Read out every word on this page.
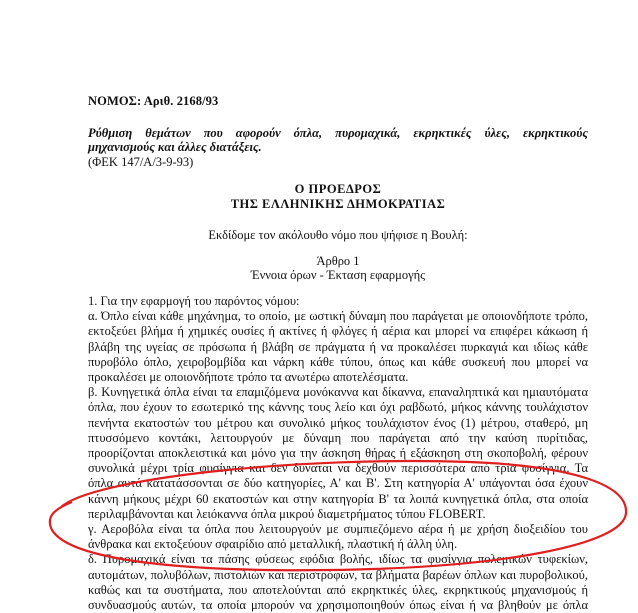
ΝΟΜΟΣ: Αριθ. 2168/93
Ρύθμιση θεμάτων που αφορούν όπλα, πυρομαχικά, εκρηκτικές ύλες, εκρηκτικούς
μηχανισμούς και άλλες διατάξεις.
(ΦΕΚ 147/Α/3-9-93)
Ο ΠΡΟΕΔΡΟΣ
ΤΗΣ ΕΛΛΗΝΙΚΗΣ ΔΗΜΟΚΡΑΤΙΑΣ
Εκδίδομε τον ακόλουθο νόμο που ψήφισε η Βουλή:
Άρθρο 1
Έννοια όρων - Έκταση εφαρμογής
1. Για την εφαρμογή του παρόντος νόμου:
α. Όπλο είναι κάθε μηχάνημα, το οποίο, με ωστική δύναμη που παράγεται με οποιονδήποτε τρόπο,
εκτοξεύει βλήμα ή χημικές ουσίες ή ακτίνες ή φλόγες ή αέρια και μπορεί να επιφέρει κάκωση ή
βλάβη της υγείας σε πρόσωπα ή βλάβη σε πράγματα ή να προκαλέσει πυρκαγιά και ιδίως κάθε
πυροβόλο όπλο, χειροβομβίδα και νάρκη κάθε τύπου, όπως και κάθε συσκευή που μπορεί να
προκαλέσει με οποιονδήποτε τρόπο τα ανωτέρω αποτελέσματα.
β. Κυνηγετικά όπλα είναι τα επαμιζόμενα μονόκαννα και δίκαννα, επαναληπτικά και ημιαυτόματα
όπλα, που έχουν το εσωτερικό της κάννης τους λείο και όχι ραβδωτό, μήκος κάννης τουλάχιστον
πενήντα εκατοστών του μέτρου και συνολικό μήκος τουλάχιστον ένος (1) μέτρου, σταθερό, μη
πτυσσόμενο κοντάκι, λειτουργούν με δύναμη που παράγεται από την καύση πυρίτιδας,
προορίζονται αποκλειστικά και μόνο για την άσκηση θήρας ή εξάσκηση στη σκοποβολή, φέρουν
συνολικά μέχρι τρία φυσίγγια και δεν δύναται να δεχθούν περισσότερα από τρία φυσίγγια. Τα
όπλα αυτά κατατάσσονται σε δύο κατηγορίες, Α' και Β'. Στη κατηγορία Α' υπάγονται όσα έχουν
κάννη μήκους μέχρι 60 εκατοστών και στην κατηγορία Β' τα λοιπά κυνηγετικά όπλα, στα οποία
περιλαμβάνονται και λειόκαννα όπλα μικρού διαμετρήματος τύπου FLOBERT.
γ. Αεροβόλα είναι τα όπλα που λειτουργούν με συμπιεζόμενο αέρα ή με χρήση διοξειδίου του
άνθρακα και εκτοξεύουν σφαιρίδιο από μεταλλική, πλαστική ή άλλη ύλη.
δ. Πυρομαχικά είναι τα πάσης φύσεως εφόδια βολής, ιδίως τα φυσίγγια πολεμικών τυφεκίων,
αυτομάτων, πολυβόλων, πιστολιών και περιστρόφων, τα βλήματα βαρέων όπλων και πυροβολικού,
καθώς και τα συστήματα, που αποτελούνται από εκρηκτικές ύλες, εκρηκτικούς μηχανισμούς ή
συνδυασμούς αυτών, τα οποία μπορούν να χρησιμοποιηθούν όπως είναι ή να βληθούν με όπλα
